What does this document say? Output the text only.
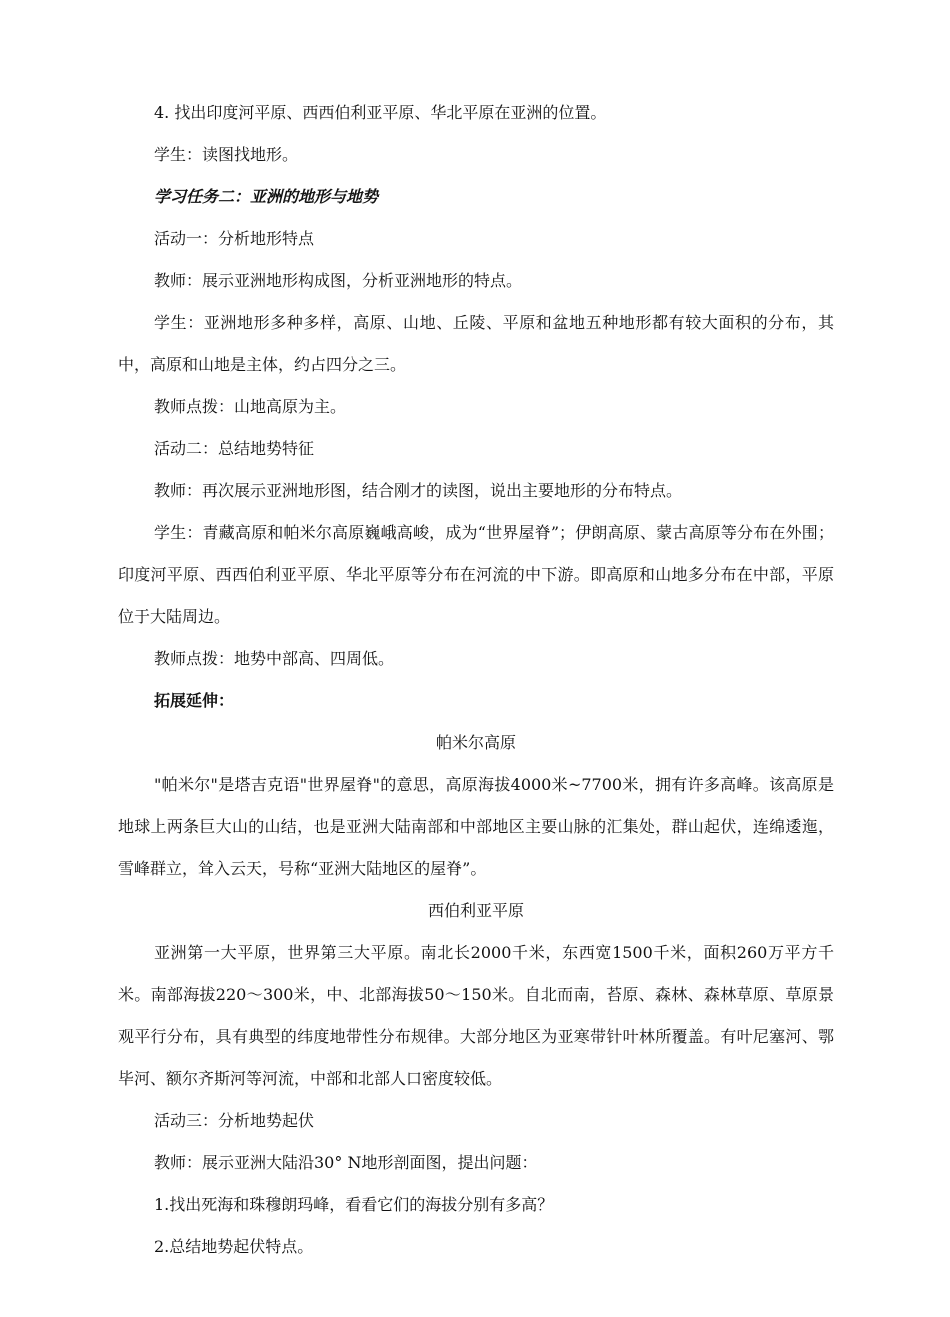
4. 找出印度河平原、西西伯利亚平原、华北平原在亚洲的位置。

学生：读图找地形。

学习任务二：亚洲的地形与地势

活动一：分析地形特点

教师：展示亚洲地形构成图，分析亚洲地形的特点。

学生：亚洲地形多种多样，高原、山地、丘陵、平原和盆地五种地形都有较大面积的分布，其中，高原和山地是主体，约占四分之三。

教师点拨：山地高原为主。

活动二：总结地势特征

教师：再次展示亚洲地形图，结合刚才的读图，说出主要地形的分布特点。

学生：青藏高原和帕米尔高原巍峨高峻，成为“世界屋脊”；伊朗高原、蒙古高原等分布在外围；印度河平原、西西伯利亚平原、华北平原等分布在河流的中下游。即高原和山地多分布在中部，平原位于大陆周边。

教师点拨：地势中部高、四周低。

拓展延伸：

帕米尔高原

"帕米尔"是塔吉克语"世界屋脊"的意思，高原海拔4000米~7700米，拥有许多高峰。该高原是地球上两条巨大山的山结，也是亚洲大陆南部和中部地区主要山脉的汇集处，群山起伏，连绵逶迤，雪峰群立，耸入云天，号称“亚洲大陆地区的屋脊”。

西伯利亚平原

亚洲第一大平原，世界第三大平原。南北长2000千米，东西宽1500千米，面积260万平方千米。南部海拔220～300米，中、北部海拔50～150米。自北而南，苔原、森林、森林草原、草原景观平行分布，具有典型的纬度地带性分布规律。大部分地区为亚寒带针叶林所覆盖。有叶尼塞河、鄂毕河、额尔齐斯河等河流，中部和北部人口密度较低。

活动三：分析地势起伏

教师：展示亚洲大陆沿30° N地形剖面图，提出问题：

1.找出死海和珠穆朗玛峰，看看它们的海拔分别有多高？

2.总结地势起伏特点。
